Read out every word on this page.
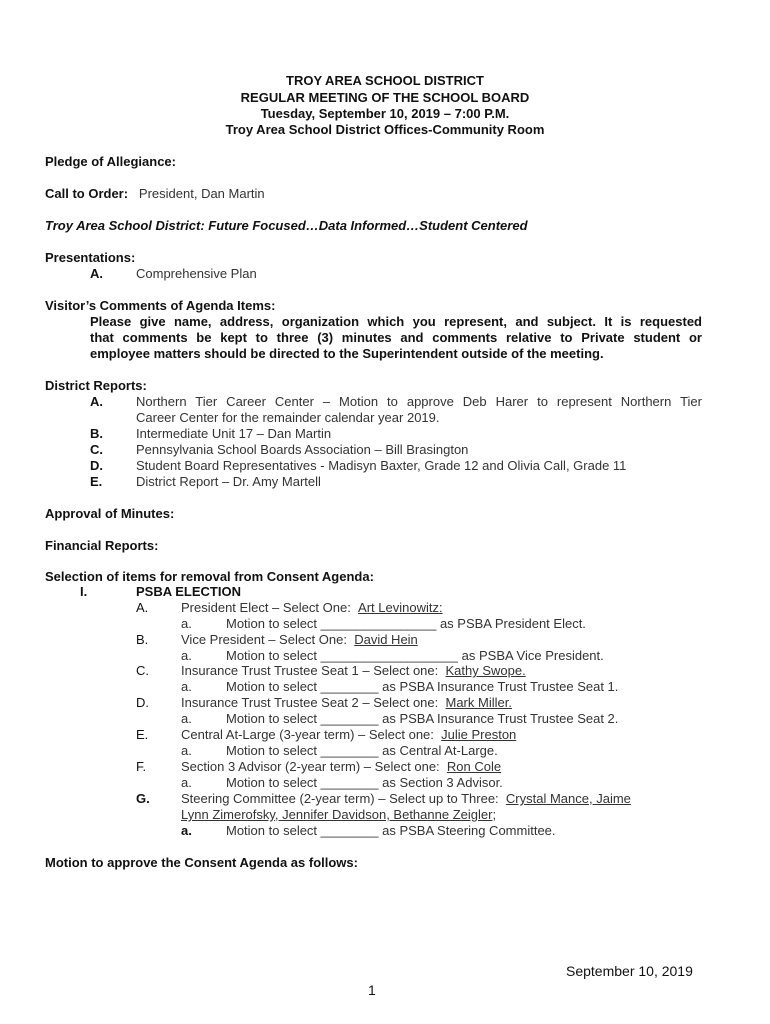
TROY AREA SCHOOL DISTRICT
REGULAR MEETING OF THE SCHOOL BOARD
Tuesday, September 10, 2019 – 7:00 P.M.
Troy Area School District Offices-Community Room
Pledge of Allegiance:
Call to Order: President, Dan Martin
Troy Area School District: Future Focused…Data Informed…Student Centered
Presentations:
A.	Comprehensive Plan
Visitor’s Comments of Agenda Items:
Please give name, address, organization which you represent, and subject. It is requested
that comments be kept to three (3) minutes and comments relative to Private student or
employee matters should be directed to the Superintendent outside of the meeting.
District Reports:
A.	Northern Tier Career Center – Motion to approve Deb Harer to represent Northern Tier
Career Center for the remainder calendar year 2019.
B.	Intermediate Unit 17 – Dan Martin
C.	Pennsylvania School Boards Association – Bill Brasington
D.	Student Board Representatives - Madisyn Baxter, Grade 12 and Olivia Call, Grade 11
E.	District Report – Dr. Amy Martell
Approval of Minutes:
Financial Reports:
Selection of items for removal from Consent Agenda:
I.	PSBA ELECTION
A.	President Elect – Select One: Art Levinowitz:
a.	Motion to select ________________ as PSBA President Elect.
B.	Vice President – Select One: David Hein
a.	Motion to select ___________________ as PSBA Vice President.
C. Insurance Trust Trustee Seat 1 – Select one: Kathy Swope.
a.	Motion to select ________ as PSBA Insurance Trust Trustee Seat 1.
D. Insurance Trust Trustee Seat 2 – Select one: Mark Miller.
a.	Motion to select ________ as PSBA Insurance Trust Trustee Seat 2.
E.	Central At-Large (3-year term) – Select one: Julie Preston
a.	Motion to select ________ as Central At-Large.
F.	Section 3 Advisor (2-year term) – Select one: Ron Cole
a.	Motion to select ________ as Section 3 Advisor.
G. Steering Committee (2-year term) – Select up to Three: Crystal Mance, Jaime
Lynn Zimerofsky, Jennifer Davidson, Bethanne Zeigler;
a.	Motion to select ________ as PSBA Steering Committee.
Motion to approve the Consent Agenda as follows:
September 10, 2019
1
